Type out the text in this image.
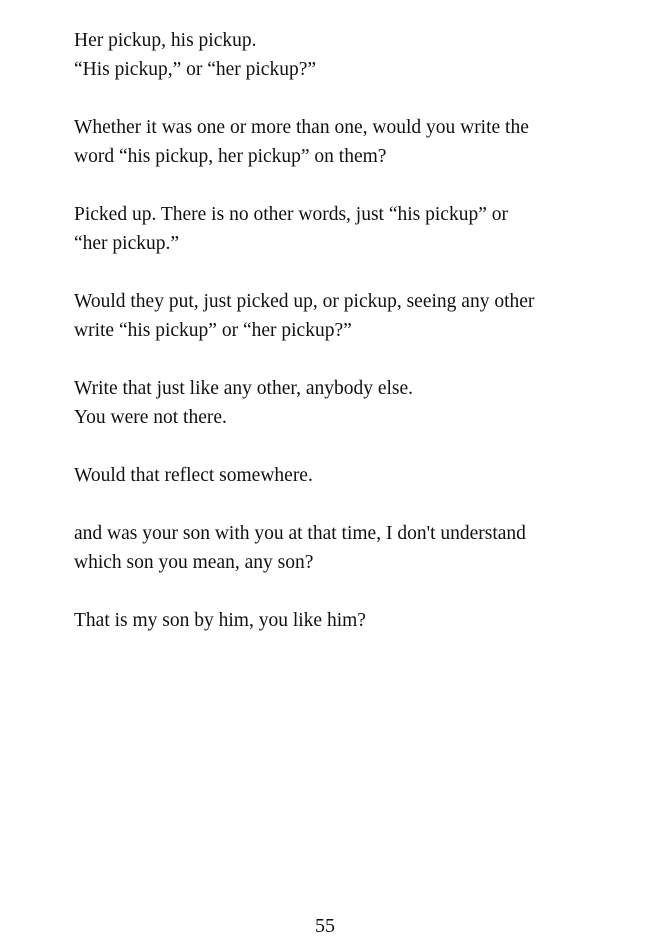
Her pickup, his pickup.
“His pickup,” or “her pickup?”

Whether it was one or more than one, would you write the
word “his pickup, her pickup” on them?

Picked up. There is no other words, just “his pickup” or
“her pickup.”

Would they put, just picked up, or pickup, seeing any other
write “his pickup” or “her pickup?”

Write that just like any other, anybody else.
You were not there.

Would that reflect somewhere.

and was your son with you at that time, I don't understand
which son you mean, any son?

That is my son by him, you like him?

55
